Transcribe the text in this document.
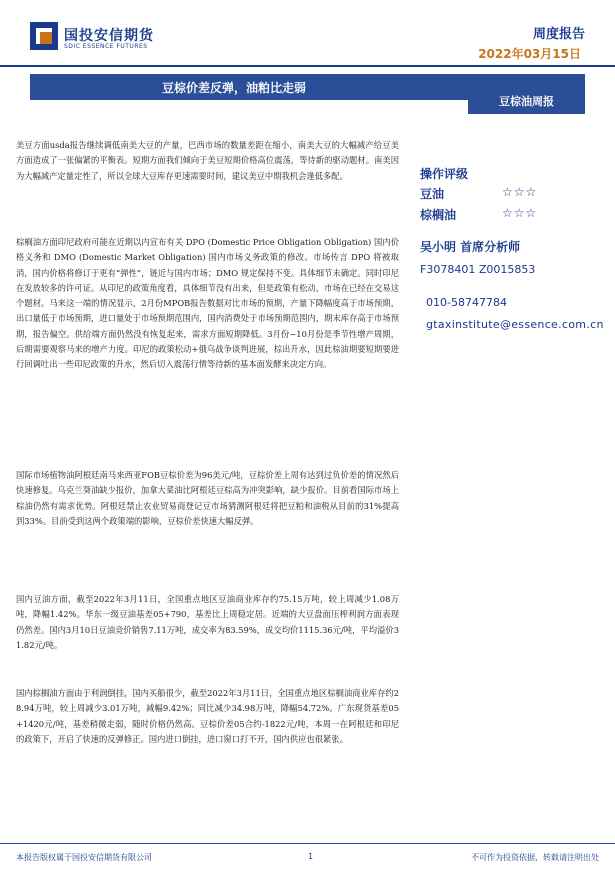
国投安信期货
SDIC ESSENCE FUTURES
周度报告
2022年03月15日
豆棕价差反弹，油粕比走弱
豆棕油周报

美豆方面usda报告继续调低南美大豆的产量，巴西市场的数量差距在缩小，南美大豆的大幅减产给豆美方面造成了一张偏紧的平衡表。短期方面我们倾向于美豆短期价格高位震荡，等待新的驱动题材。南美因为大幅减产定量定性了，所以全球大豆库存更速需要时间，建议美豆中期我机会逢低多配。

棕榈油方面印尼政府可能在近期以内宣布有关 DPO (Domestic Price Obligation Obligation) 国内价格义务和 DMO (Domestic Market Obligation) 国内市场义务政策的修改。市场传言 DPO 将被取消，国内价格将修订于更有“弹性”，链近与国内市场；DMO 规定保持不变。具体细节未确定。同时印尼在发放较多的许可证。从印尼的政策角度看，具体细节没有出来，但是政策有松动，市场在已经在交易这个题材。马来这一端的情况显示，2月份MPOB报告数据对比市场的预期，产量下降幅度高于市场预期，出口量低于市场预期，进口量处于市场预期范围内，国内消费处于市场预期范围内，期末库存高于市场预期，报告偏空。供给端方面仍然没有恢复起来，需求方面短期降低。3月份~10月份是季节性增产周期，后期需要观察马来的增产力度。印尼的政策松动+俄乌战争谈判进展，棕出升水，因此棕油期要短期要进行回调吐出一些印尼政策的升水，然后切入震荡行情等待新的基本面发酵来决定方向。

国际市场植物油阿根廷南马来西亚FOB豆棕价差为96美元/吨，豆棕价差上周有达到过负价差的情况然后快速修复。乌克兰葵油缺少报价，加拿大菜油比阿根廷豆棕高为冲突影响，缺少报价。目前看国际市场上棕油仍然有需求优势。阿根廷禁止农业贸易商登记豆市场猜测阿根廷将把豆粕和油税从目前的31%提高到33%。目前受到这两个政策端的影响，豆棕价差快速大幅反弹。

国内豆油方面，截至2022年3月11日，全国重点地区豆油商业库存约75.15万吨，较上周减少1.08万吨，降幅1.42%。华东一级豆油基差05+790，基差比上周稳定居。近端的大豆盘面压榨利润方面表现仍然差。国内3月10日豆油竞价销售7.11万吨，成交率为83.59%，成交均价1115.36元/吨，平均溢价31.82元/吨。

国内棕榈油方面由于利润倒挂，国内买船很少，截至2022年3月11日，全国重点地区棕榈油商业库存约28.94万吨，较上周减少3.01万吨，减幅9.42%；同比减少34.98万吨，降幅54.72%。广东现货基差05+1420元/吨，基差稍微走弱，随时价格仍然高。豆棕价差05合约-1822元/吨，本周一在阿根廷和印尼的政策下，开启了快速的反弹修正。国内进口倒挂，进口窗口打不开，国内供应也很紧张。

操作评级
豆油	☆☆☆
棕榈油	☆☆☆
吴小明 首席分析师
F3078401 Z0015853
010-58747784
gtaxinstitute@essence.com.cn
本报告版权属于国投安信期货有限公司	1	不可作为投资依据，转载请注明出处
